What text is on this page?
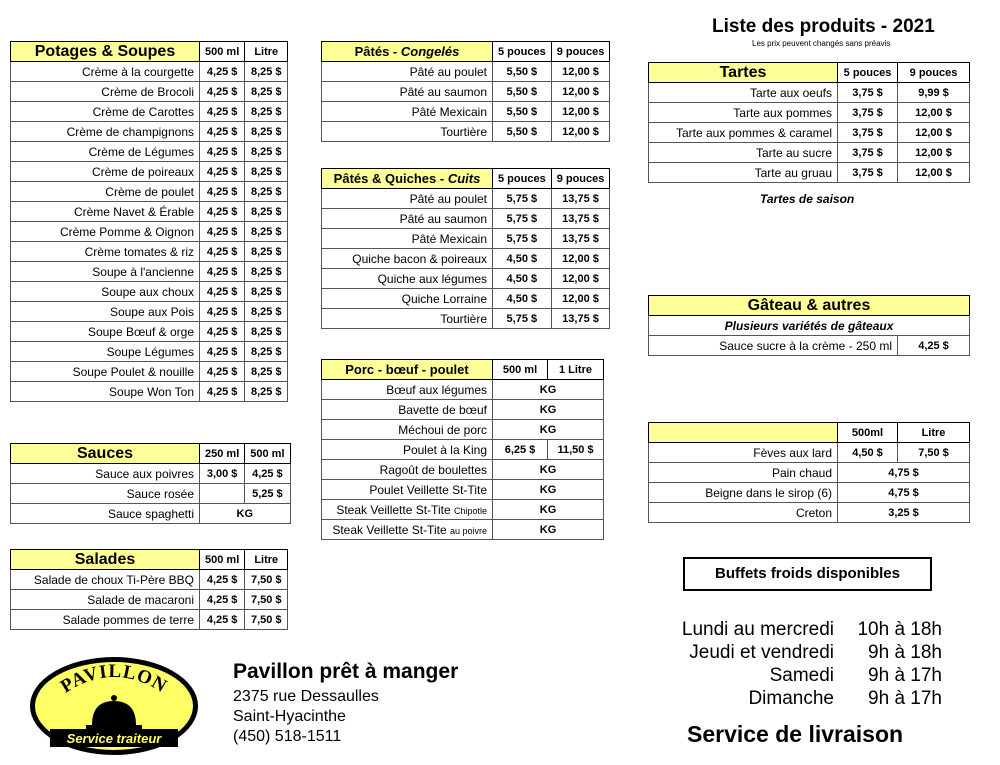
Liste des produits - 2021
Les prix peuvent changés sans préavis
Potages & Soupes	500 ml	Litre
Crème à la courgette	4,25 $	8,25 $
Crème de Brocoli	4,25 $	8,25 $
Crème de Carottes	4,25 $	8,25 $
Crème de champignons	4,25 $	8,25 $
Crème de Légumes	4,25 $	8,25 $
Crème de poireaux	4,25 $	8,25 $
Crème de poulet	4,25 $	8,25 $
Crème Navet & Érable	4,25 $	8,25 $
Crème Pomme & Oignon	4,25 $	8,25 $
Crème tomates & riz	4,25 $	8,25 $
Soupe à l'ancienne	4,25 $	8,25 $
Soupe aux choux	4,25 $	8,25 $
Soupe aux Pois	4,25 $	8,25 $
Soupe Bœuf & orge	4,25 $	8,25 $
Soupe Légumes	4,25 $	8,25 $
Soupe Poulet & nouille	4,25 $	8,25 $
Soupe Won Ton	4,25 $	8,25 $
Sauces	250 ml	500 ml
Sauce aux poivres	3,00 $	4,25 $
Sauce rosée		5,25 $
Sauce spaghetti	KG	
Salades	500 ml	Litre
Salade de choux Ti-Père BBQ	4,25 $	7,50 $
Salade de macaroni	4,25 $	7,50 $
Salade pommes de terre	4,25 $	7,50 $
Pâtés - Congelés	5 pouces	9 pouces
Pâté au poulet	5,50 $	12,00 $
Pâté au saumon	5,50 $	12,00 $
Pâté Mexicain	5,50 $	12,00 $
Tourtière	5,50 $	12,00 $
Pâtés & Quiches - Cuits	5 pouces	9 pouces
Pâté au poulet	5,75 $	13,75 $
Pâté au saumon	5,75 $	13,75 $
Pâté Mexicain	5,75 $	13,75 $
Quiche bacon & poireaux	4,50 $	12,00 $
Quiche aux légumes	4,50 $	12,00 $
Quiche Lorraine	4,50 $	12,00 $
Tourtière	5,75 $	13,75 $
Porc - bœuf - poulet	500 ml	1 Litre
Bœuf aux légumes	KG	
Bavette de bœuf	KG	
Méchoui de porc	KG	
Poulet à la King	6,25 $	11,50 $
Ragoût de boulettes	KG	
Poulet Veillette St-Tite	KG	
Steak Veillette St-Tite Chipotle	KG	
Steak Veillette St-Tite au poivre	KG	
Tartes	5 pouces	9 pouces
Tarte aux oeufs	3,75 $	9,99 $
Tarte aux pommes	3,75 $	12,00 $
Tarte aux pommes & caramel	3,75 $	12,00 $
Tarte au sucre	3,75 $	12,00 $
Tarte au gruau	3,75 $	12,00 $
Tartes de saison
Gâteau & autres
Plusieurs variétés de gâteaux
Sauce sucre à la crème - 250 ml	4,25 $
	500ml	Litre
Fèves aux lard	4,50 $	7,50 $
Pain chaud	4,75 $	
Beigne dans le sirop (6)	4,75 $	
Creton	3,25 $	
Buffets froids disponibles
Lundi au mercredi	10h à 18h
Jeudi et vendredi	9h à 18h
Samedi	9h à 17h
Dimanche	9h à 17h
Service de livraison
Pavillon prêt à manger
2375 rue Dessaulles
Saint-Hyacinthe
(450) 518-1511
PAVILLON
Service traiteur
